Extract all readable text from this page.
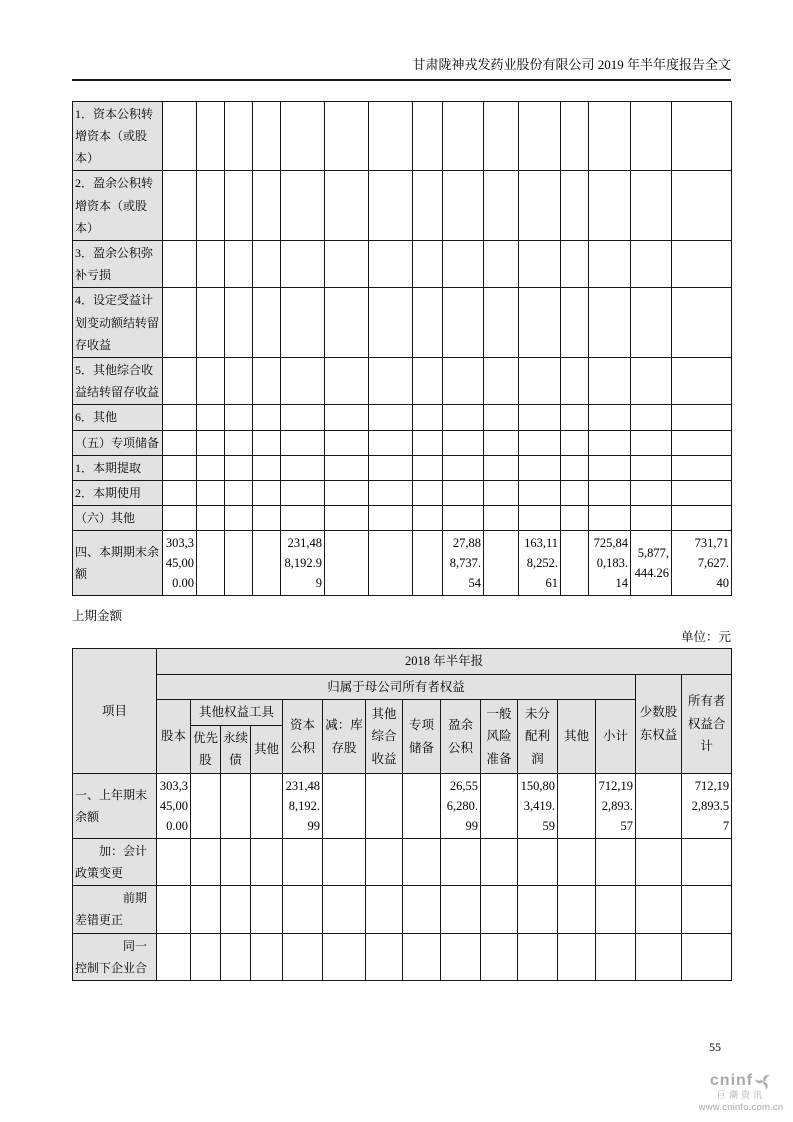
甘肃陇神戎发药业股份有限公司 2019 年半年度报告全文
1．资本公积转增资本（或股本）															
2．盈余公积转增资本（或股本）															
3．盈余公积弥补亏损															
4．设定受益计划变动额结转留存收益															
5．其他综合收益结转留存收益															
6．其他															
（五）专项储备															
1．本期提取															
2．本期使用															
（六）其他															
四、本期期末余额	303,345,000.00				231,488,192.99				27,888,737.54		163,118,252.61		725,840,183.14	5,877,444.26	731,717,627.40
上期金额
单位：元
项目	2018 年半年报														
	归属于母公司所有者权益													少数股东权益	所有者权益合计
	股本	其他权益工具			资本公积	减：库存股	其他综合收益	专项储备	盈余公积	一般风险准备	未分配利润	其他	小计		
		优先股	永续债	其他											
一、上年期末余额	303,345,000.00				231,488,192.99				26,556,280.99		150,803,419.59		712,192,893.57		712,192,893.57
　　加：会计政策变更															
　　　　前期差错更正															
　　　　同一控制下企业合															
55
cninf
巨潮资讯
www.cninfo.com.cn
